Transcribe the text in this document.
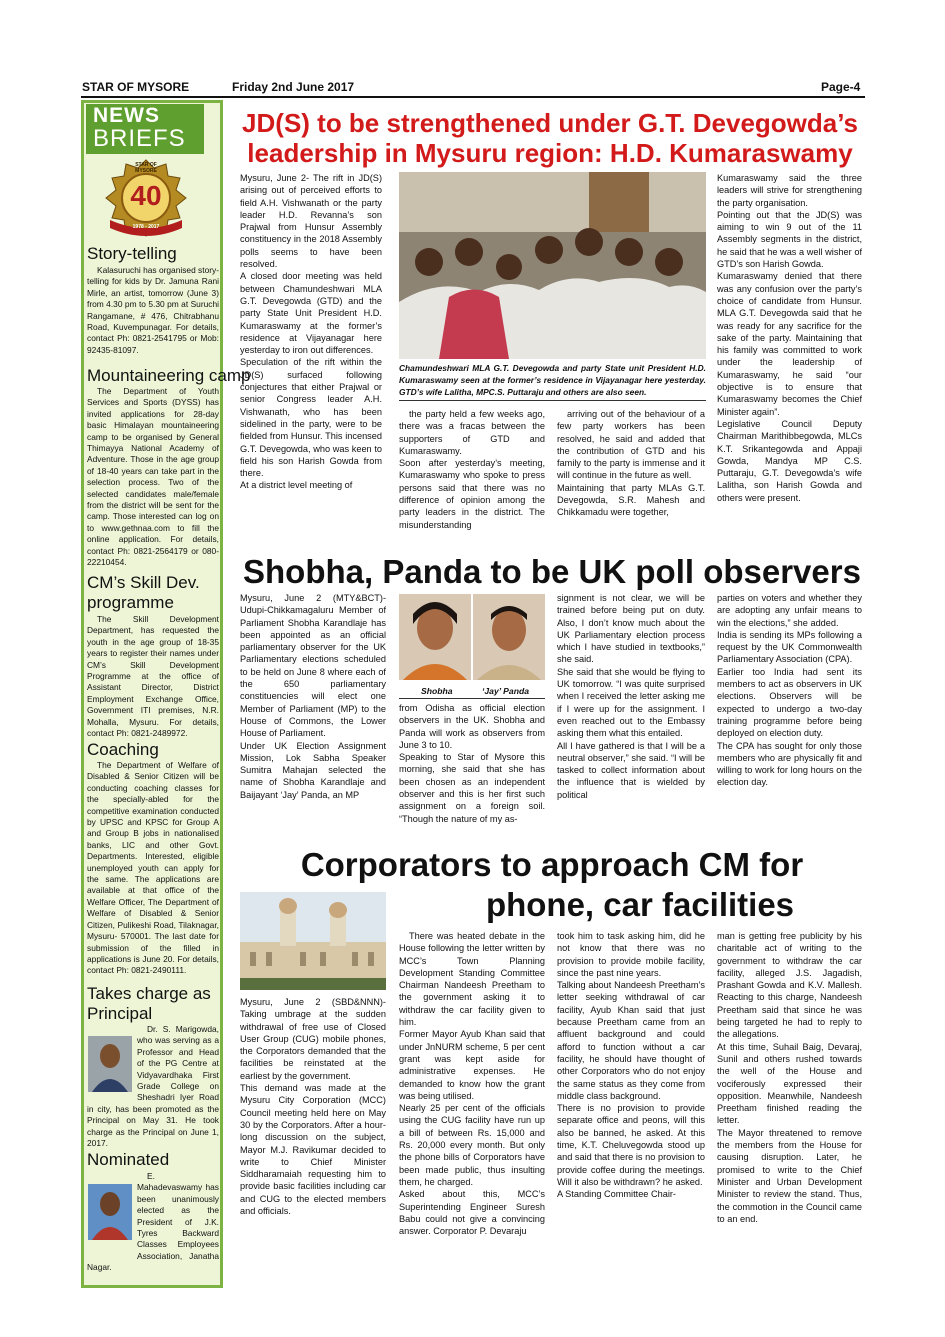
STAR OF MYSORE	Friday 2nd June 2017	Page-4
NEWS
BRIEFS
STAR OF MYSORE
40
1978 - 2017
Story-telling

Kalasuruchi has organised story-telling for kids by Dr. Jamuna Rani Mirle, an artist, tomorrow (June 3) from 4.30 pm to 5.30 pm at Suruchi Rangamane, # 476, Chitrabhanu Road, Kuvempunagar. For details, contact Ph: 0821-2541795 or Mob: 92435-81097.

Mountaineering camp

The Department of Youth Services and Sports (DYSS) has invited applications for 28-day basic Himalayan mountaineering camp to be organised by General Thimayya National Academy of Adventure. Those in the age group of 18-40 years can take part in the selection process. Two of the selected candidates male/female from the district will be sent for the camp. Those interested can log on to www.gethnaa.com to fill the online application. For details, contact Ph: 0821-2564179 or 080-22210454.

CM’s Skill Dev. programme

The Skill Development Department, has requested the youth in the age group of 18-35 years to register their names under CM’s Skill Development Programme at the office of Assistant Director, District Employment Exchange Office, Government ITI premises, N.R. Mohalla, Mysuru. For details, contact Ph: 0821-2489972.

Coaching

The Department of Welfare of Disabled & Senior Citizen will be conducting coaching classes for the specially-abled for the competitive examination conducted by UPSC and KPSC for Group A and Group B jobs in nationalised banks, LIC and other Govt. Departments. Interested, eligible unemployed youth can apply for the same. The applications are available at that office of the Welfare Officer, The Department of Welfare of Disabled & Senior Citizen, Pulikeshi Road, Tilaknagar, Mysuru- 570001. The last date for submission of the filled in applications is June 20. For details, contact Ph: 0821-2490111.

Takes charge as Principal

Dr. S. Marigowda, who was serving as a Professor and Head of the PG Centre at Vidyavardhaka First Grade College on Sheshadri Iyer Road in city, has been promoted as the Principal on May 31. He took charge as the Principal on June 1, 2017.

Nominated

E. Mahadevaswamy has been unanimously elected as the President of J.K. Tyres Backward Classes Employees Association, Janatha Nagar.

JD(S) to be strengthened under G.T. Devegowda’s leadership in Mysuru region: H.D. Kumaraswamy

Mysuru, June 2- The rift in JD(S) arising out of perceived efforts to field A.H. Vishwanath or the party leader H.D. Revanna’s son Prajwal from Hunsur Assembly constituency in the 2018 Assembly polls seems to have been resolved.
A closed door meeting was held between Chamundeshwari MLA G.T. Devegowda (GTD) and the party State Unit President H.D. Kumaraswamy at the former’s residence at Vijayanagar here yesterday to iron out differences.
Speculation of the rift within the JD(S) surfaced following conjectures that either Prajwal or senior Congress leader A.H. Vishwanath, who has been sidelined in the party, were to be fielded from Hunsur. This incensed G.T. Devegowda, who was keen to field his son Harish Gowda from there.
At a district level meeting of

Chamundeshwari MLA G.T. Devegowda and party State unit President H.D. Kumaraswamy seen at the former’s residence in Vijayanagar here yesterday. GTD’s wife Lalitha, MPC.S. Puttaraju and others are also seen.

the party held a few weeks ago, there was a fracas between the supporters of GTD and Kumaraswamy.
Soon after yesterday’s meeting, Kumaraswamy who spoke to press persons said that there was no difference of opinion among the party leaders in the district. The misunderstanding

arriving out of the behaviour of a few party workers has been resolved, he said and added that the contribution of GTD and his family to the party is immense and it will continue in the future as well.
Maintaining that party MLAs G.T. Devegowda, S.R. Mahesh and Chikkamadu were together,

Kumaraswamy said the three leaders will strive for strengthening the party organisation.
Pointing out that the JD(S) was aiming to win 9 out of the 11 Assembly segments in the district, he said that he was a well wisher of GTD’s son Harish Gowda.
Kumaraswamy denied that there was any confusion over the party’s choice of candidate from Hunsur. MLA G.T. Devegowda said that he was ready for any sacrifice for the sake of the party. Maintaining that his family was committed to work under the leadership of Kumaraswamy, he said “our objective is to ensure that Kumaraswamy becomes the Chief Minister again”.
Legislative Council Deputy Chairman Marithibbegowda, MLCs K.T. Srikantegowda and Appaji Gowda, Mandya MP C.S. Puttaraju, G.T. Devegowda’s wife Lalitha, son Harish Gowda and others were present.

Shobha, Panda to be UK poll observers

Mysuru, June 2 (MTY&BCT)- Udupi-Chikkamagaluru Member of Parliament Shobha Karandlaje has been appointed as an official parliamentary observer for the UK Parliamentary elections scheduled to be held on June 8 where each of the 650 parliamentary constituencies will elect one Member of Parliament (MP) to the House of Commons, the Lower House of Parliament.
Under UK Election Assignment Mission, Lok Sabha Speaker Sumitra Mahajan selected the name of Shobha Karandlaje and Baijayant ‘Jay’ Panda, an MP

Shobha	‘Jay’ Panda

from Odisha as official election observers in the UK. Shobha and Panda will work as observers from June 3 to 10.
Speaking to Star of Mysore this morning, she said that she has been chosen as an independent observer and this is her first such assignment on a foreign soil. “Though the nature of my as-

signment is not clear, we will be trained before being put on duty. Also, I don’t know much about the UK Parliamentary election process which I have studied in textbooks,” she said.
She said that she would be flying to UK tomorrow. “I was quite surprised when I received the letter asking me if I were up for the assignment. I even reached out to the Embassy asking them what this entailed.
All I have gathered is that I will be a neutral observer,” she said. “I will be tasked to collect information about the influence that is wielded by political

parties on voters and whether they are adopting any unfair means to win the elections,” she added.
India is sending its MPs following a request by the UK Commonwealth Parliamentary Association (CPA).
Earlier too India had sent its members to act as observers in UK elections. Observers will be expected to undergo a two-day training programme before being deployed on election duty.
The CPA has sought for only those members who are physically fit and willing to work for long hours on the election day.

Corporators to approach CM for
phone, car facilities

Mysuru, June 2 (SBD&NNN)- Taking umbrage at the sudden withdrawal of free use of Closed User Group (CUG) mobile phones, the Corporators demanded that the facilities be reinstated at the earliest by the government.
This demand was made at the Mysuru City Corporation (MCC) Council meeting held here on May 30 by the Corporators. After a hour-long discussion on the subject, Mayor M.J. Ravikumar decided to write to Chief Minister Siddharamaiah requesting him to provide basic facilities including car and CUG to the elected members and officials.

There was heated debate in the House following the letter written by MCC’s Town Planning Development Standing Committee Chairman Nandeesh Preetham to the government asking it to withdraw the car facility given to him.
Former Mayor Ayub Khan said that under JnNURM scheme, 5 per cent grant was kept aside for administrative expenses. He demanded to know how the grant was being utilised.
Nearly 25 per cent of the officials using the CUG facility have run up a bill of between Rs. 15,000 and Rs. 20,000 every month. But only the phone bills of Corporators have been made public, thus insulting them, he charged.
Asked about this, MCC’s Superintending Engineer Suresh Babu could not give a convincing answer. Corporator P. Devaraju

took him to task asking him, did he not know that there was no provision to provide mobile facility, since the past nine years.
Talking about Nandeesh Preetham’s letter seeking withdrawal of car facility, Ayub Khan said that just because Preetham came from an affluent background and could afford to function without a car facility, he should have thought of other Corporators who do not enjoy the same status as they come from middle class background.
There is no provision to provide separate office and peons, will this also be banned, he asked. At this time, K.T. Cheluvegowda stood up and said that there is no provision to provide coffee during the meetings. Will it also be withdrawn? he asked.
A Standing Committee Chair-

man is getting free publicity by his charitable act of writing to the government to withdraw the car facility, alleged J.S. Jagadish, Prashant Gowda and K.V. Mallesh. Reacting to this charge, Nandeesh Preetham said that since he was being targeted he had to reply to the allegations.
At this time, Suhail Baig, Devaraj, Sunil and others rushed towards the well of the House and vociferously expressed their opposition. Meanwhile, Nandeesh Preetham finished reading the letter.
The Mayor threatened to remove the members from the House for causing disruption. Later, he promised to write to the Chief Minister and Urban Development Minister to review the stand. Thus, the commotion in the Council came to an end.
